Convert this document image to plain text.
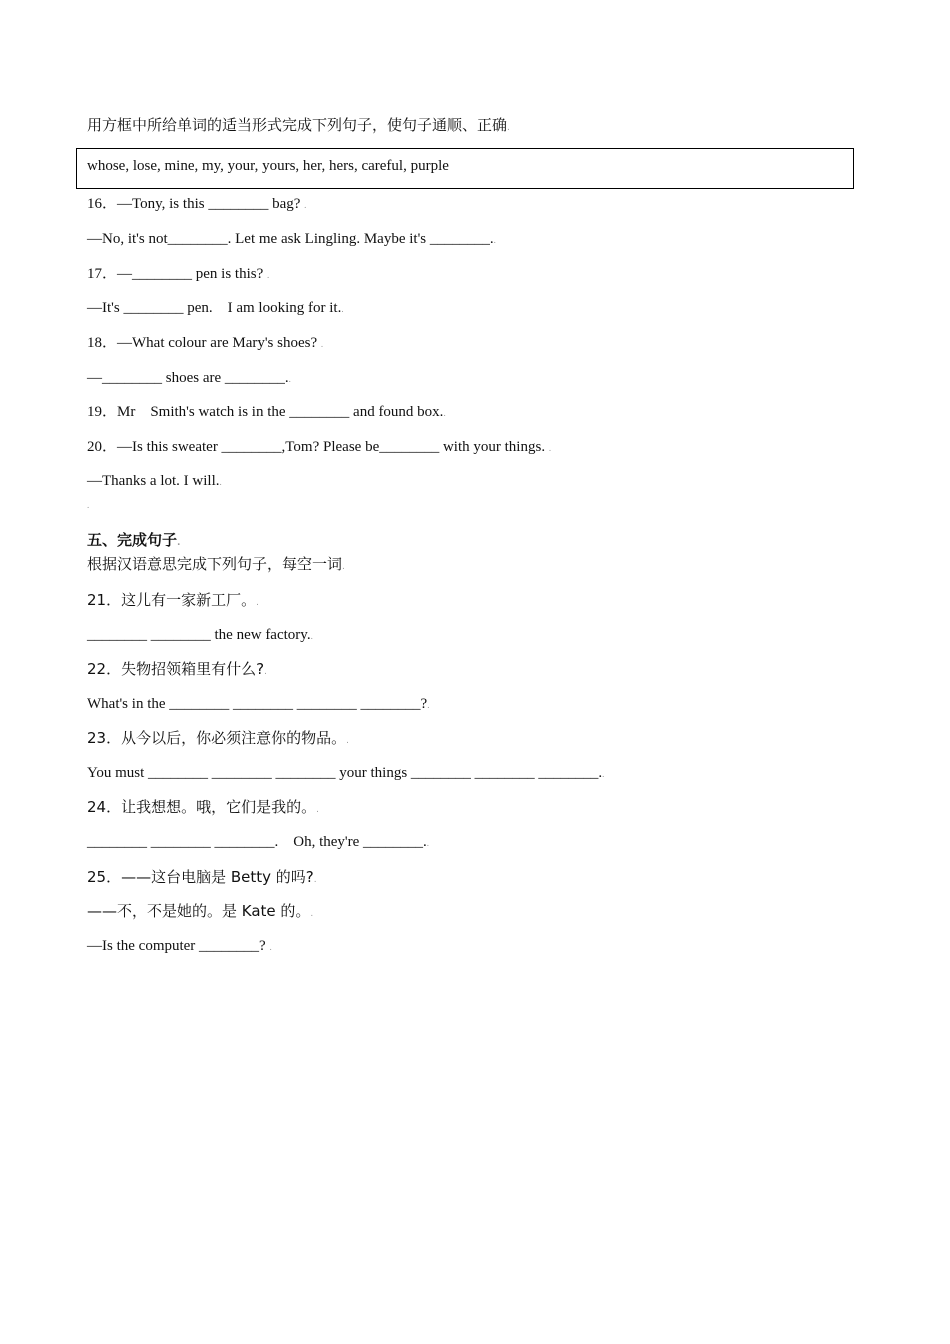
用方框中所给单词的适当形式完成下列句子，使句子通顺、正确.
whose, lose, mine, my, your, yours, her, hers, careful, purple
16．—Tony, is this ________ bag? .
—No, it's not________. Let me ask Lingling. Maybe it's ________..
17．—________ pen is this? .
—It's ________ pen.    I am looking for it..
18．—What colour are Mary's shoes? .
—________ shoes are ________..
19．Mr    Smith's watch is in the ________ and found box..
20．—Is this sweater ________,Tom? Please be________ with your things. .
—Thanks a lot. I will..
.
五、完成句子.
根据汉语意思完成下列句子，每空一词.
21．这儿有一家新工厂。.
________ ________ the new factory..
22．失物招领箱里有什么?.
What's in the ________ ________ ________ ________?.
23．从今以后，你必须注意你的物品。.
You must ________ ________ ________ your things ________ ________ ________..
24．让我想想。哦，它们是我的。.
________ ________ ________.    Oh, they're ________..
25．——这台电脑是 Betty 的吗?.
——不，不是她的。是 Kate 的。.
—Is the computer ________? .
